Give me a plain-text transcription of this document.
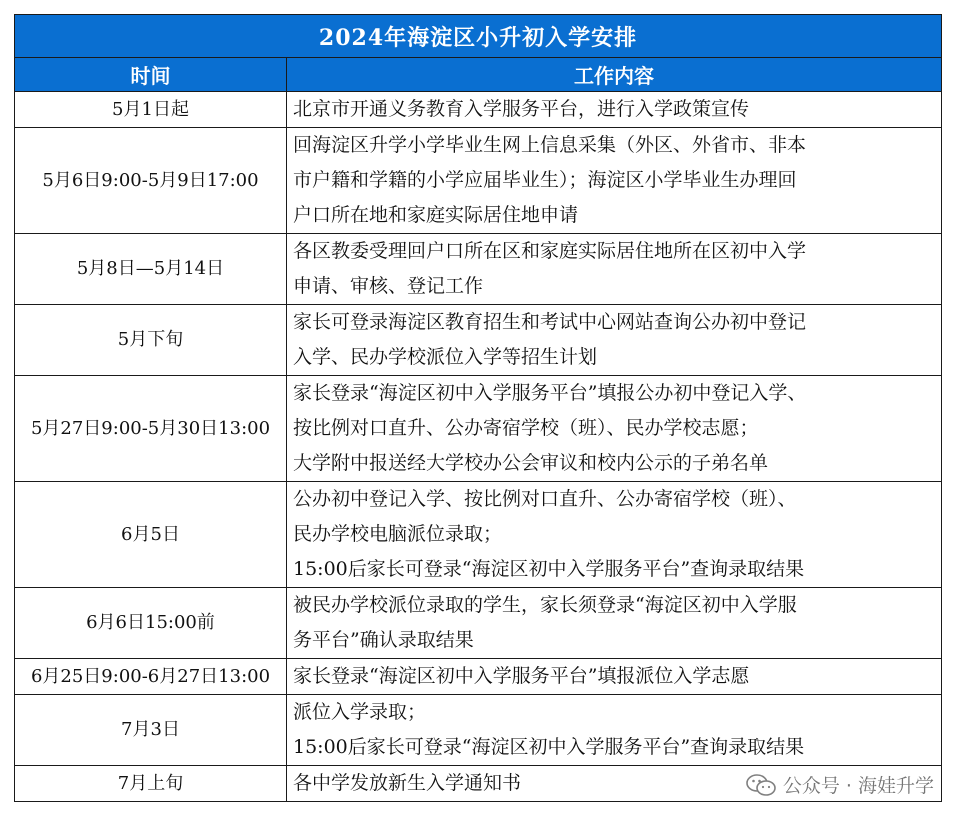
2024年海淀区小升初入学安排	
时间	工作内容
5月1日起	北京市开通义务教育入学服务平台，进行入学政策宣传

5月6日9:00-5月9日17:00	回海淀区升学小学毕业生网上信息采集（外区、外省市、非本
市户籍和学籍的小学应届毕业生）；海淀区小学毕业生办理回
户口所在地和家庭实际居住地申请

5月8日—5月14日	各区教委受理回户口所在区和家庭实际居住地所在区初中入学
申请、审核、登记工作

5月下旬	家长可登录海淀区教育招生和考试中心网站查询公办初中登记
入学、民办学校派位入学等招生计划

5月27日9:00-5月30日13:00	家长登录“海淀区初中入学服务平台”填报公办初中登记入学、
按比例对口直升、公办寄宿学校（班）、民办学校志愿；
大学附中报送经大学校办公会审议和校内公示的子弟名单

6月5日	公办初中登记入学、按比例对口直升、公办寄宿学校（班）、
民办学校电脑派位录取；
15:00后家长可登录“海淀区初中入学服务平台”查询录取结果

6月6日15:00前	被民办学校派位录取的学生，家长须登录“海淀区初中入学服
务平台”确认录取结果

6月25日9:00-6月27日13:00	家长登录“海淀区初中入学服务平台”填报派位入学志愿

7月3日	派位入学录取；
15:00后家长可登录“海淀区初中入学服务平台”查询录取结果

7月上旬	各中学发放新生入学通知书	公众号 · 海娃升学
